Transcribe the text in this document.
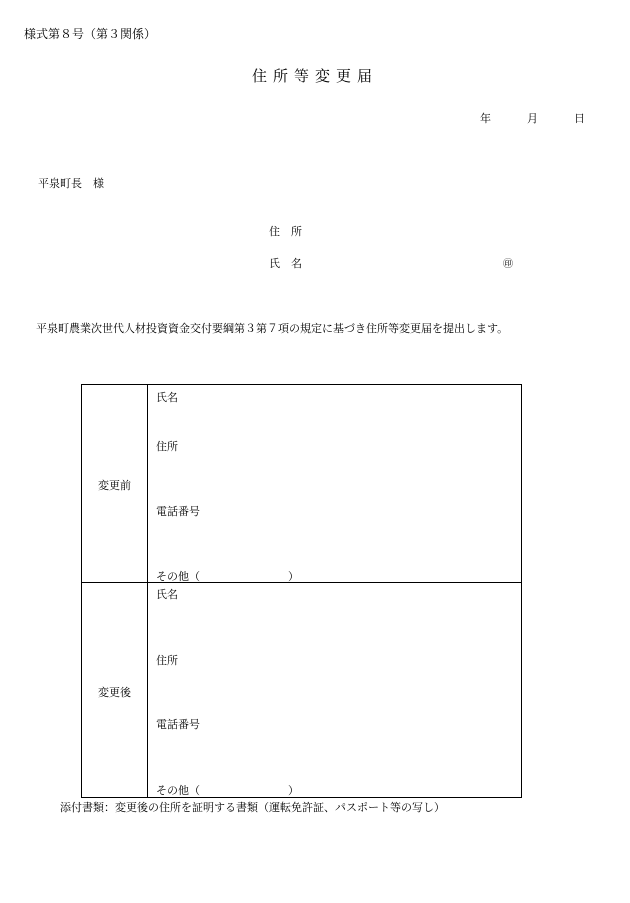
様式第８号（第３関係）
住所等変更届
年	月	日
平泉町長　様
住　所
氏　名	㊞
平泉町農業次世代人材投資資金交付要綱第３第７項の規定に基づき住所等変更届を提出します。
変更前
氏名
住所
電話番号
その他（　　　　　　　　）
変更後
氏名
住所
電話番号
その他（　　　　　　　　）
添付書類：変更後の住所を証明する書類（運転免許証、パスポート等の写し）
